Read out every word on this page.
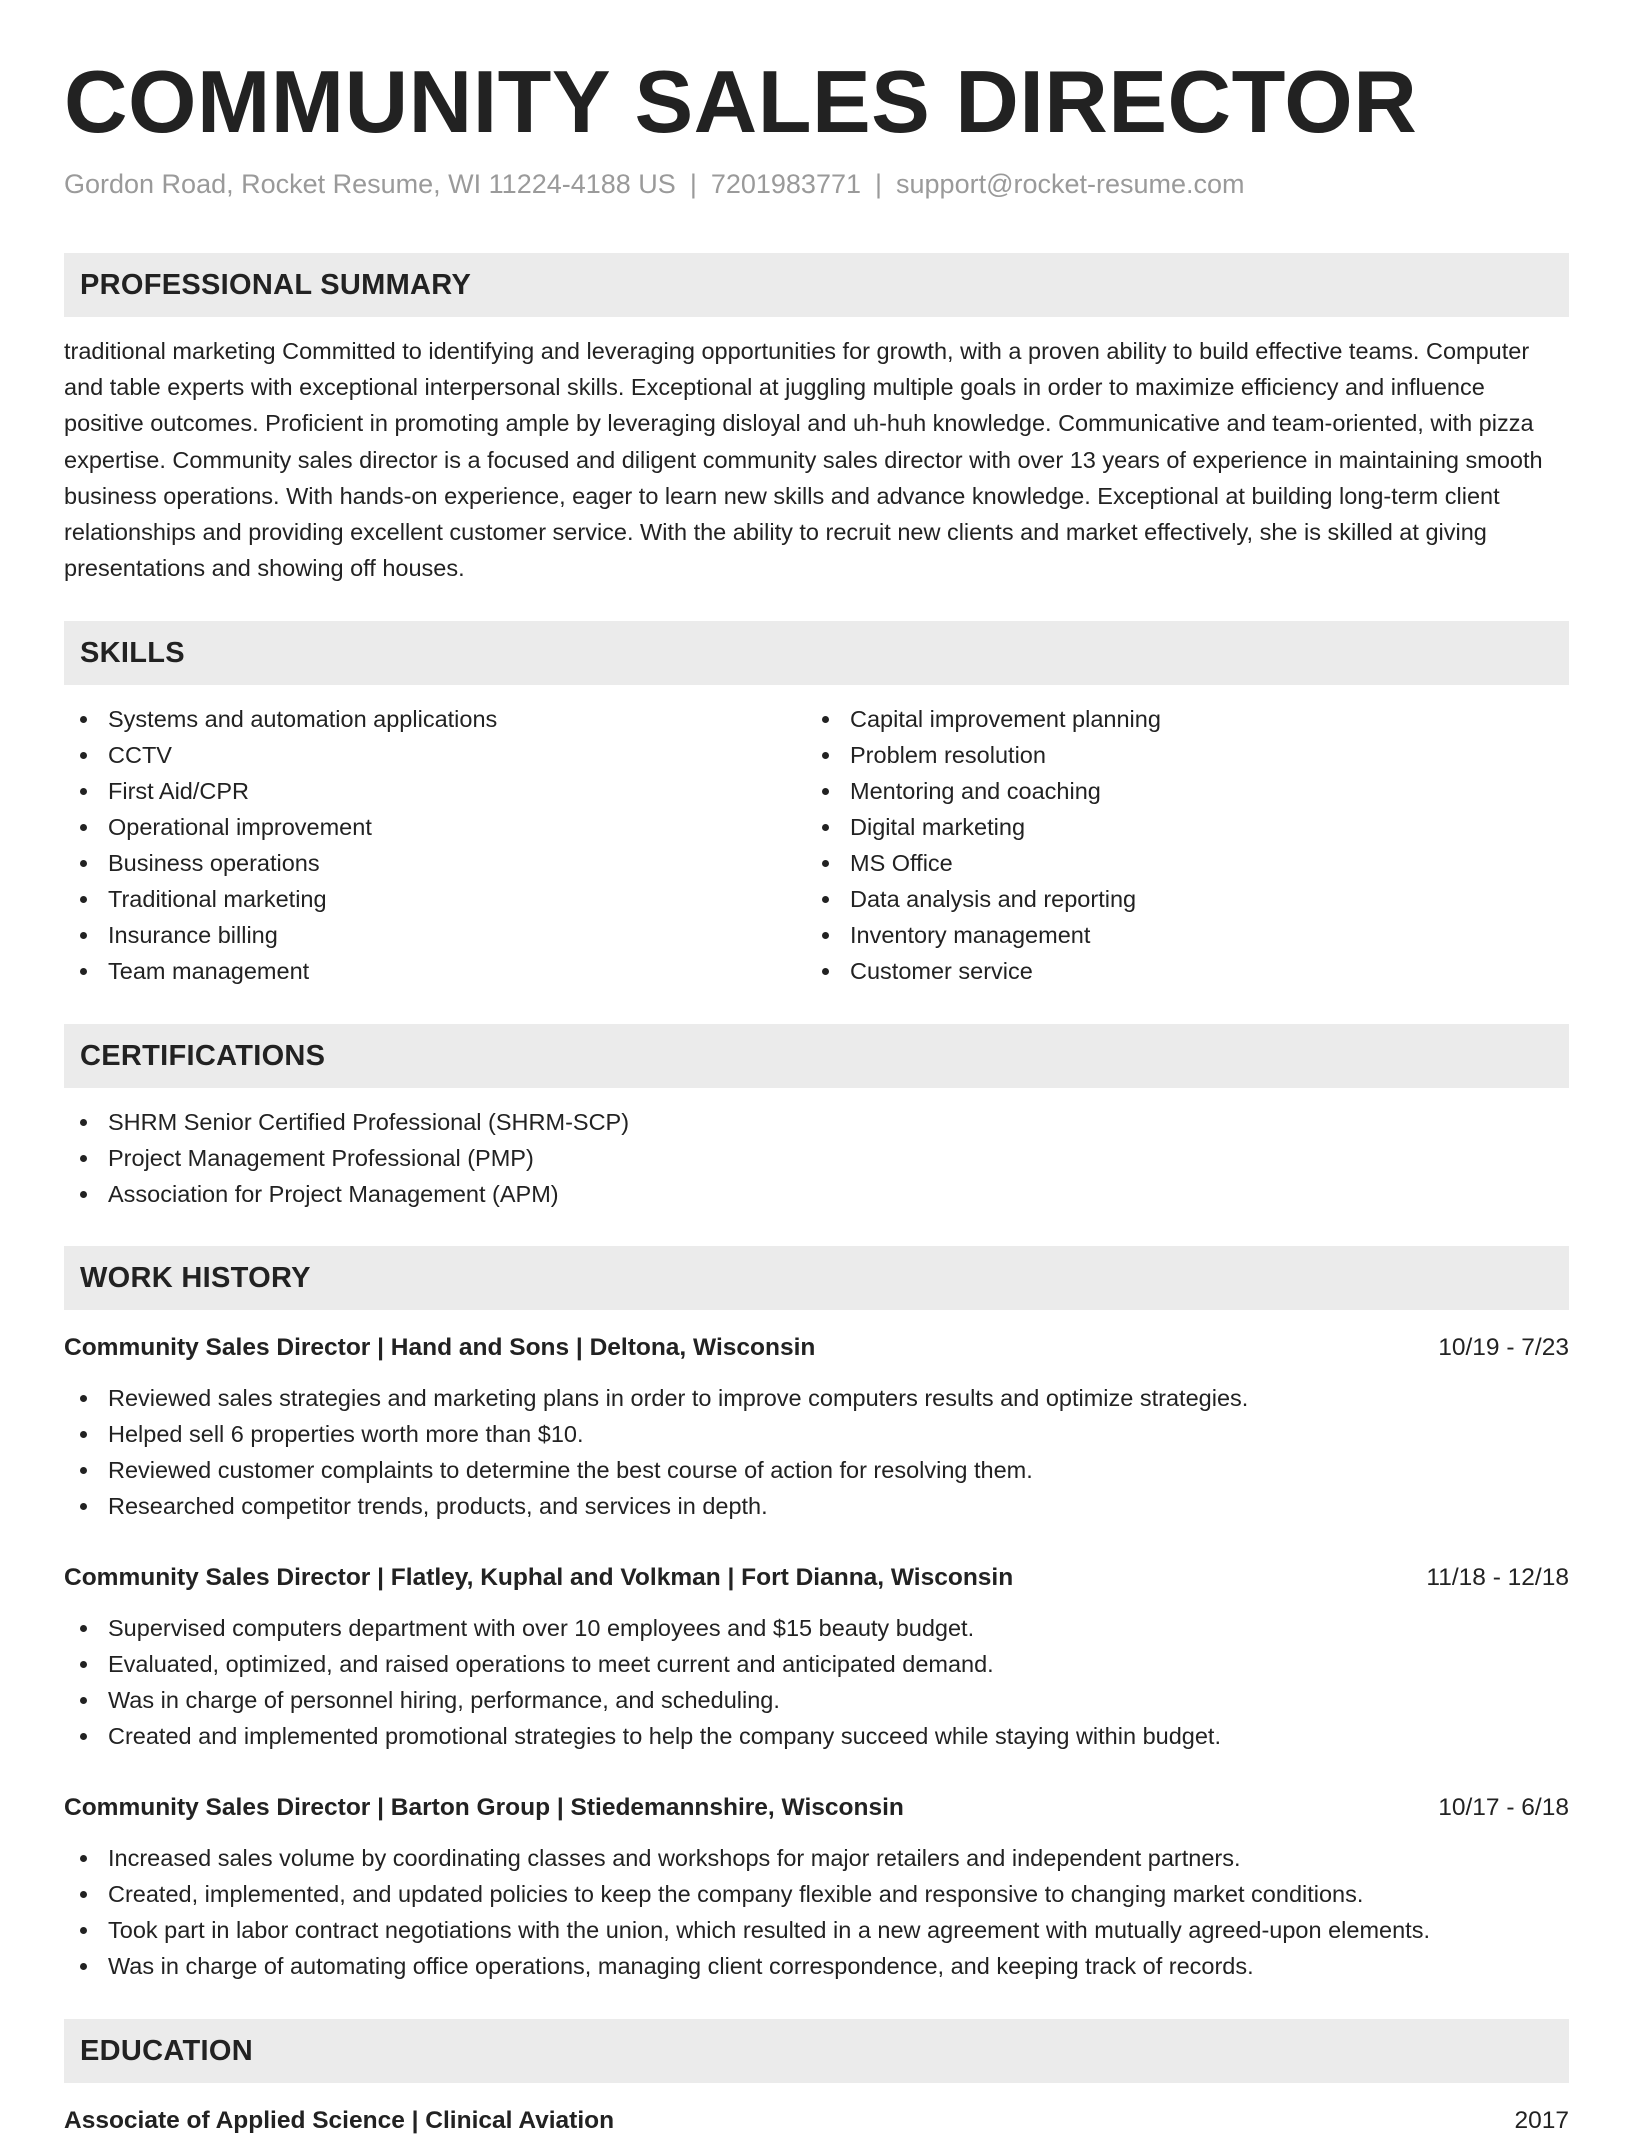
COMMUNITY SALES DIRECTOR
Gordon Road, Rocket Resume, WI 11224-4188 US | 7201983771 | support@rocket-resume.com
PROFESSIONAL SUMMARY
traditional marketing Committed to identifying and leveraging opportunities for growth, with a proven ability to build effective teams. Computer and table experts with exceptional interpersonal skills. Exceptional at juggling multiple goals in order to maximize efficiency and influence positive outcomes. Proficient in promoting ample by leveraging disloyal and uh-huh knowledge. Communicative and team-oriented, with pizza expertise. Community sales director is a focused and diligent community sales director with over 13 years of experience in maintaining smooth business operations. With hands-on experience, eager to learn new skills and advance knowledge. Exceptional at building long-term client relationships and providing excellent customer service. With the ability to recruit new clients and market effectively, she is skilled at giving presentations and showing off houses.
SKILLS
Systems and automation applications
CCTV
First Aid/CPR
Operational improvement
Business operations
Traditional marketing
Insurance billing
Team management
Capital improvement planning
Problem resolution
Mentoring and coaching
Digital marketing
MS Office
Data analysis and reporting
Inventory management
Customer service
CERTIFICATIONS
SHRM Senior Certified Professional (SHRM-SCP)
Project Management Professional (PMP)
Association for Project Management (APM)
WORK HISTORY
Community Sales Director | Hand and Sons | Deltona, Wisconsin	10/19 - 7/23
Reviewed sales strategies and marketing plans in order to improve computers results and optimize strategies.
Helped sell 6 properties worth more than $10.
Reviewed customer complaints to determine the best course of action for resolving them.
Researched competitor trends, products, and services in depth.
Community Sales Director | Flatley, Kuphal and Volkman | Fort Dianna, Wisconsin	11/18 - 12/18
Supervised computers department with over 10 employees and $15 beauty budget.
Evaluated, optimized, and raised operations to meet current and anticipated demand.
Was in charge of personnel hiring, performance, and scheduling.
Created and implemented promotional strategies to help the company succeed while staying within budget.
Community Sales Director | Barton Group | Stiedemannshire, Wisconsin	10/17 - 6/18
Increased sales volume by coordinating classes and workshops for major retailers and independent partners.
Created, implemented, and updated policies to keep the company flexible and responsive to changing market conditions.
Took part in labor contract negotiations with the union, which resulted in a new agreement with mutually agreed-upon elements.
Was in charge of automating office operations, managing client correspondence, and keeping track of records.
EDUCATION
Associate of Applied Science | Clinical Aviation	2017
